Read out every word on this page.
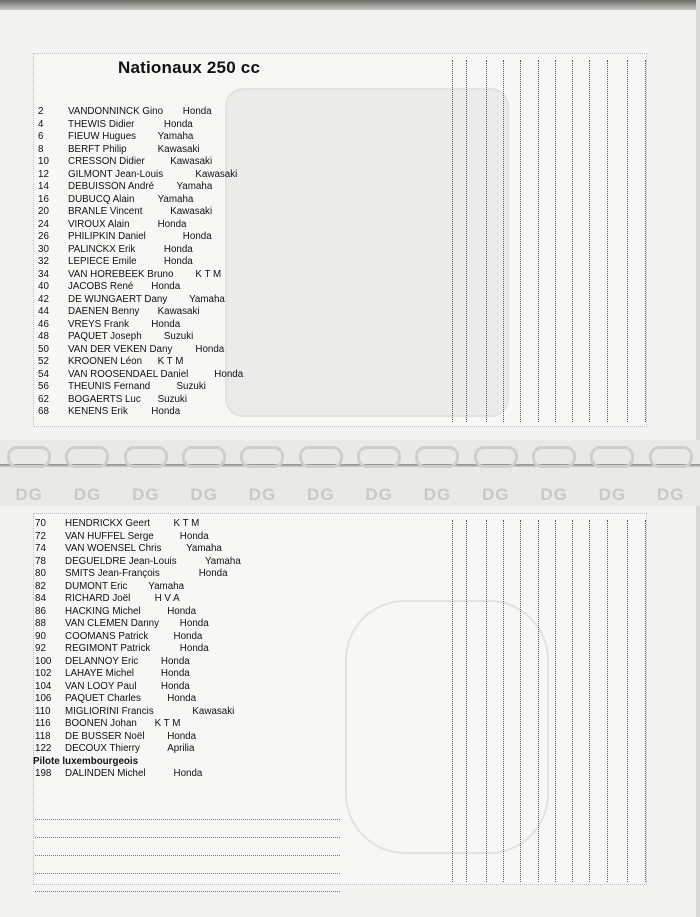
Nationaux 250 cc
2	VANDONNINCK Gino Honda
4	THEWIS Didier	Honda
6	FIEUW Hugues Yamaha
8	BERFT Philip	Kawasaki
10 CRESSON Didier	Kawasaki
12 GILMONT Jean-Louis	Kawasaki
14 DEBUISSON André Yamaha
16 DUBUCQ Alain Yamaha
20 BRANLE Vincent	Kawasaki
24 VIROUX Alain	Honda
26 PHILIPKIN Daniel	Honda
30 PALINCKX Erik	Honda
32 LEPIECE Emile	Honda
34 VAN HOREBEEK Bruno K T M
40 JACOBS René Honda
42 DE WIJNGAERT Dany Yamaha
44 DAENEN Benny Kawasaki
46 VREYS Frank Honda
48 PAQUET Joseph Suzuki
50 VAN DER VEKEN Dany Honda
52 KROONEN Léon K T M
54 VAN ROOSENDAEL Daniel	Honda
56 THEUNIS Fernand	Suzuki
62 BOGAERTS Luc Suzuki
68 KENENS Erik Honda
70 HENDRICKX Geert K T M
72 VAN HUFFEL Serge	Honda
74 VAN WOENSEL Chris	Yamaha
78 DEGUELDRE Jean-Louis	Yamaha
80 SMITS Jean-François	Honda
82 DUMONT Eric Yamaha
84 RICHARD Joël H V A
86 HACKING Michel	Honda
88 VAN CLEMEN Danny Honda
90 COOMANS Patrick	Honda
92 REGIMONT Patrick	Honda
100 DELANNOY Eric Honda
102 LAHAYE Michel	Honda
104 VAN LOOY Paul Honda
106 PAQUET Charles	Honda
110 MIGLIORINI Francis	Kawasaki
116 BOONEN Johan K T M
118 DE BUSSER Noël Honda
122 DECOUX Thierry	Aprilia
Pilote luxembourgeois
198 DALINDEN Michel	Honda
DG DG DG DG DG DG DG DG DG DG DG DG
